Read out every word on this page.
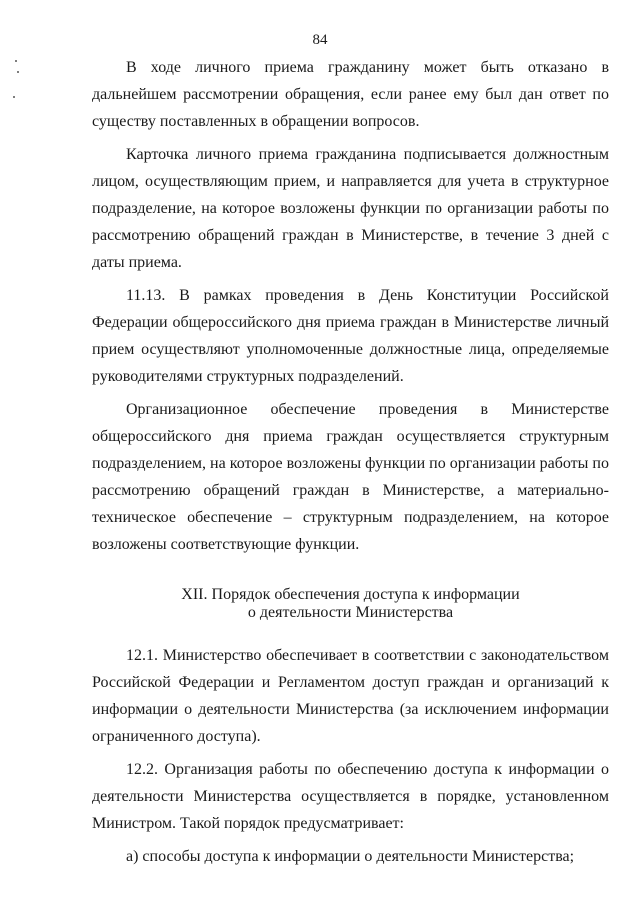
84

В ходе личного приема гражданину может быть отказано в дальнейшем рассмотрении обращения, если ранее ему был дан ответ по существу поставленных в обращении вопросов.

Карточка личного приема гражданина подписывается должностным лицом, осуществляющим прием, и направляется для учета в структурное подразделение, на которое возложены функции по организации работы по рассмотрению обращений граждан в Министерстве, в течение 3 дней с даты приема.

11.13. В рамках проведения в День Конституции Российской Федерации общероссийского дня приема граждан в Министерстве личный прием осуществляют уполномоченные должностные лица, определяемые руководителями структурных подразделений.

Организационное обеспечение проведения в Министерстве общероссийского дня приема граждан осуществляется структурным подразделением, на которое возложены функции по организации работы по рассмотрению обращений граждан в Министерстве, а материально-техническое обеспечение – структурным подразделением, на которое возложены соответствующие функции.

XII. Порядок обеспечения доступа к информации
о деятельности Министерства

12.1. Министерство обеспечивает в соответствии с законодательством Российской Федерации и Регламентом доступ граждан и организаций к информации о деятельности Министерства (за исключением информации ограниченного доступа).

12.2. Организация работы по обеспечению доступа к информации о деятельности Министерства осуществляется в порядке, установленном Министром. Такой порядок предусматривает:

а) способы доступа к информации о деятельности Министерства;
